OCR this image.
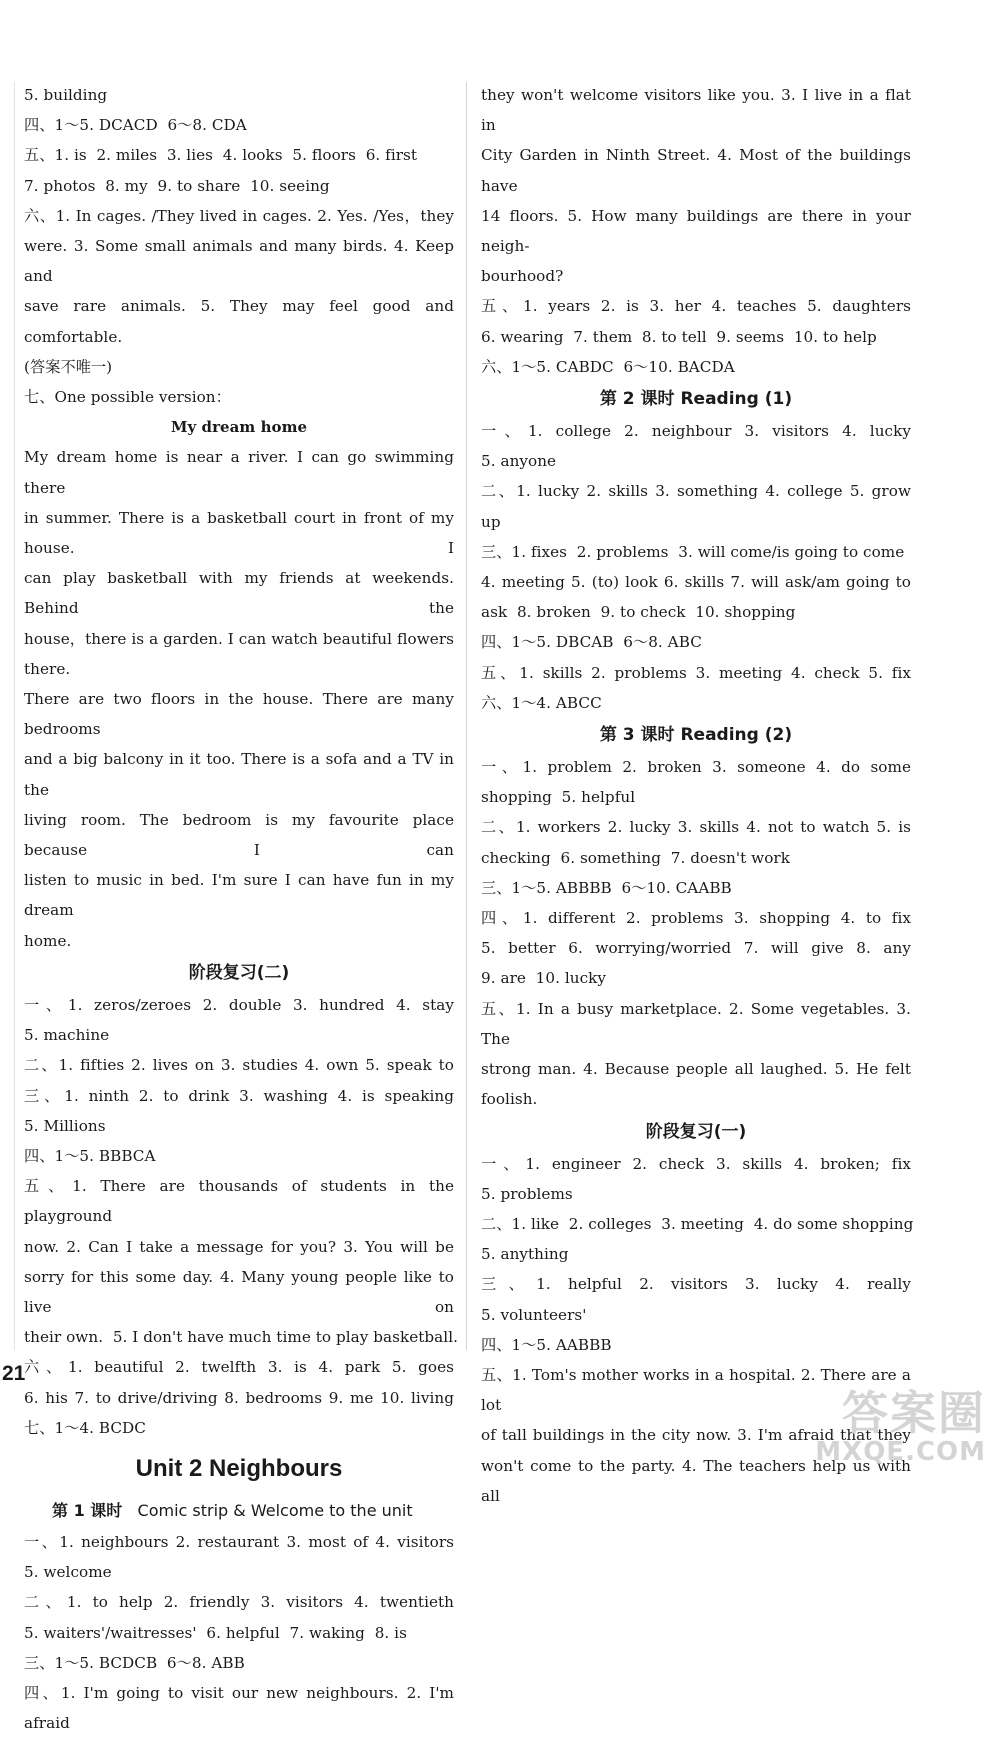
5. building
四、1～5. DCACD  6～8. CDA
五、1. is  2. miles  3. lies  4. looks  5. floors  6. first
7. photos  8. my  9. to share  10. seeing
六、1. In cages. /They lived in cages. 2. Yes. /Yes，they
were. 3. Some small animals and many birds. 4. Keep and
save rare animals. 5. They may feel good and comfortable.
(答案不唯一)
七、One possible version：
My dream home
My dream home is near a river. I can go swimming there
in summer. There is a basketball court in front of my house. I
can play basketball with my friends at weekends. Behind the
house，there is a garden. I can watch beautiful flowers there.
There are two floors in the house. There are many bedrooms
and a big balcony in it too. There is a sofa and a TV in the
living room. The bedroom is my favourite place because I can
listen to music in bed. I'm sure I can have fun in my dream
home.
阶段复习(二)
一、1. zeros/zeroes 2. double 3. hundred 4. stay
5. machine
二、1. fifties 2. lives on 3. studies 4. own 5. speak to
三、1. ninth 2. to drink 3. washing 4. is speaking
5. Millions
四、1～5. BBBCA
五、1. There are thousands of students in the playground
now. 2. Can I take a message for you? 3. You will be
sorry for this some day. 4. Many young people like to live on
their own.  5. I don't have much time to play basketball.
六、1. beautiful 2. twelfth 3. is 4. park 5. goes
6. his 7. to drive/driving 8. bedrooms 9. me 10. living
七、1～4. BCDC
Unit 2 Neighbours
第 1 课时 Comic strip & Welcome to the unit
一、1. neighbours 2. restaurant 3. most of 4. visitors
5. welcome
二、1. to help 2. friendly 3. visitors 4. twentieth
5. waiters'/waitresses'  6. helpful  7. waking  8. is
三、1～5. BCDCB  6～8. ABB
四、1. I'm going to visit our new neighbours. 2. I'm afraid
they won't welcome visitors like you. 3. I live in a flat in
City Garden in Ninth Street. 4. Most of the buildings have
14 floors. 5. How many buildings are there in your neigh-
bourhood?
五、1. years 2. is 3. her 4. teaches 5. daughters
6. wearing  7. them  8. to tell  9. seems  10. to help
六、1～5. CABDC  6～10. BACDA
第 2 课时 Reading (1)
一、1. college 2. neighbour 3. visitors 4. lucky
5. anyone
二、1. lucky 2. skills 3. something 4. college 5. grow
up
三、1. fixes  2. problems  3. will come/is going to come
4. meeting 5. (to) look 6. skills 7. will ask/am going to
ask  8. broken  9. to check  10. shopping
四、1～5. DBCAB  6～8. ABC
五、1. skills 2. problems 3. meeting 4. check 5. fix
六、1～4. ABCC
第 3 课时 Reading (2)
一、1. problem 2. broken 3. someone 4. do some
shopping  5. helpful
二、1. workers 2. lucky 3. skills 4. not to watch 5. is
checking  6. something  7. doesn't work
三、1～5. ABBBB  6～10. CAABB
四、1. different 2. problems 3. shopping 4. to fix
5. better 6. worrying/worried 7. will give 8. any
9. are  10. lucky
五、1. In a busy marketplace. 2. Some vegetables. 3. The
strong man. 4. Because people all laughed. 5. He felt
foolish.
阶段复习(一)
一、1. engineer 2. check 3. skills 4. broken; fix
5. problems
二、1. like  2. colleges  3. meeting  4. do some shopping
5. anything
三、1. helpful 2. visitors 3. lucky 4. really
5. volunteers'
四、1～5. AABBB
五、1. Tom's mother works in a hospital. 2. There are a lot
of tall buildings in the city now. 3. I'm afraid that they
won't come to the party. 4. The teachers help us with all
21
答案圈
MXQE.COM
